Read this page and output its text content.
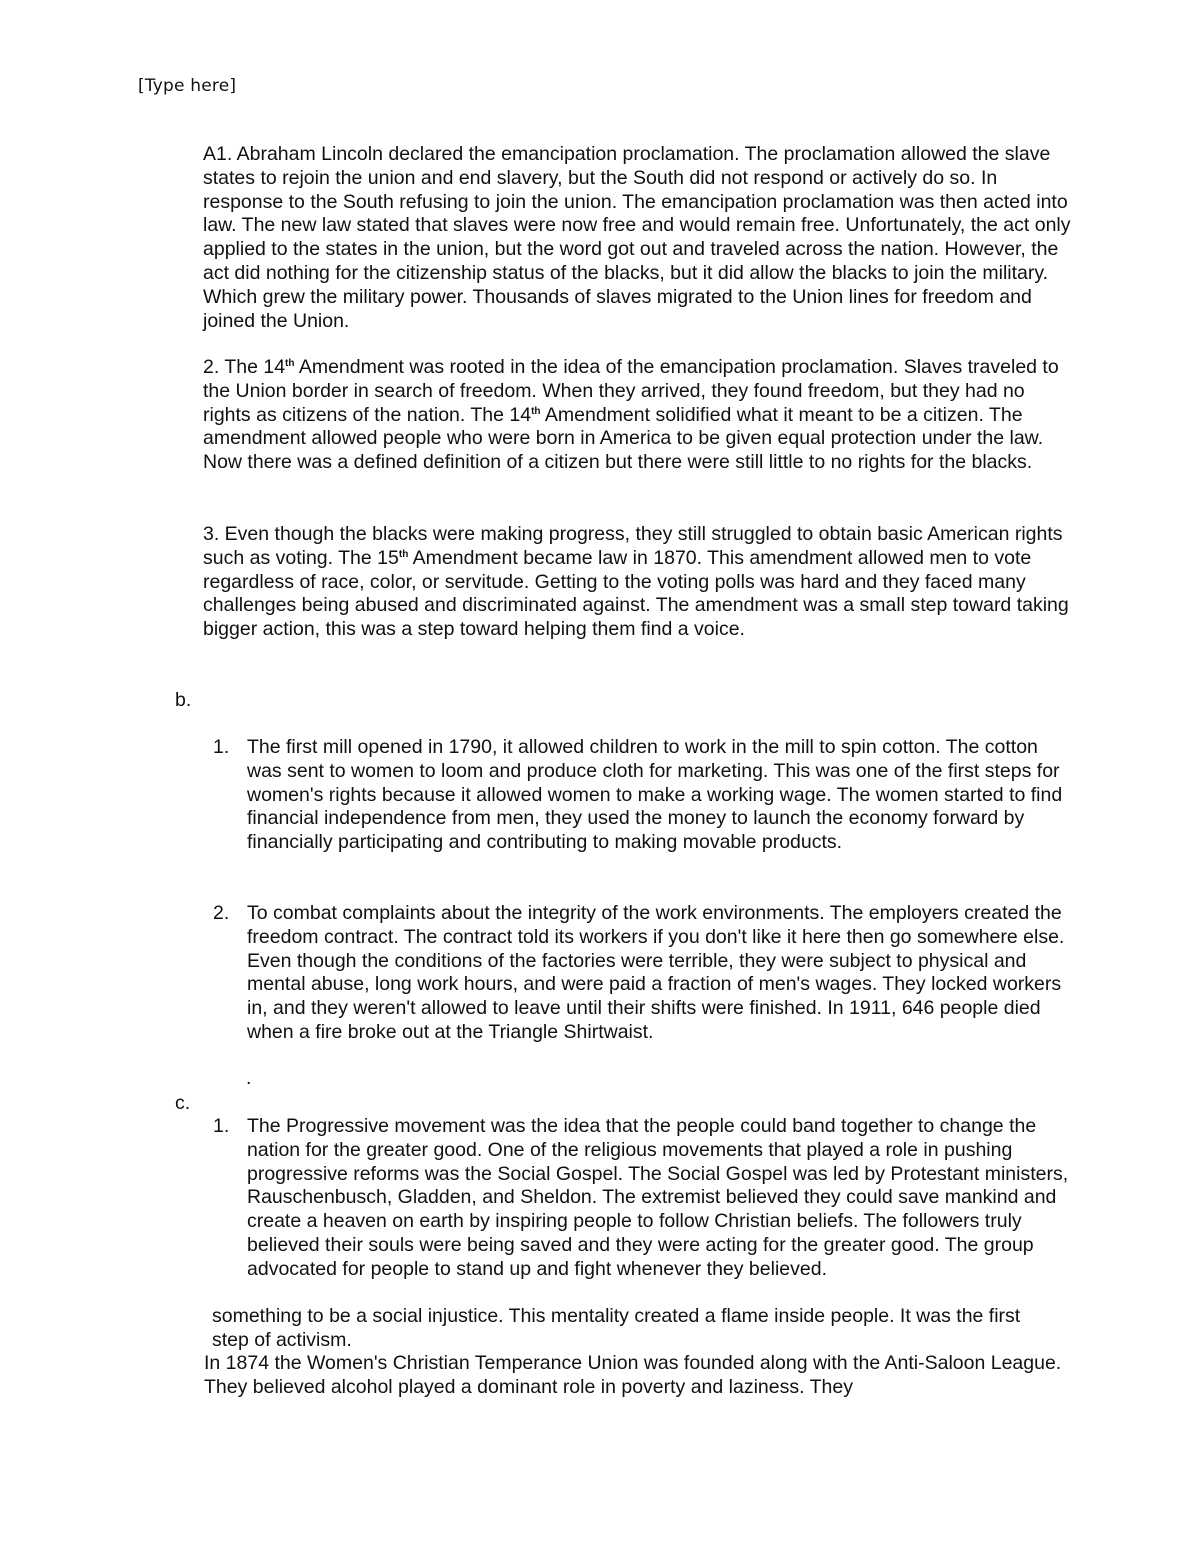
[Type here]

A1. Abraham Lincoln declared the emancipation proclamation. The proclamation allowed the slave states to rejoin the union and end slavery, but the South did not respond or actively do so. In response to the South refusing to join the union. The emancipation proclamation was then acted into law. The new law stated that slaves were now free and would remain free. Unfortunately, the act only applied to the states in the union, but the word got out and traveled across the nation. However, the act did nothing for the citizenship status of the blacks, but it did allow the blacks to join the military. Which grew the military power. Thousands of slaves migrated to the Union lines for freedom and joined the Union.

2. The 14th Amendment was rooted in the idea of the emancipation proclamation. Slaves traveled to the Union border in search of freedom. When they arrived, they found freedom, but they had no rights as citizens of the nation. The 14th Amendment solidified what it meant to be a citizen. The amendment allowed people who were born in America to be given equal protection under the law. Now there was a defined definition of a citizen but there were still little to no rights for the blacks.

3. Even though the blacks were making progress, they still struggled to obtain basic American rights such as voting. The 15th Amendment became law in 1870. This amendment allowed men to vote regardless of race, color, or servitude. Getting to the voting polls was hard and they faced many challenges being abused and discriminated against. The amendment was a small step toward taking bigger action, this was a step toward helping them find a voice.

b.
1. The first mill opened in 1790, it allowed children to work in the mill to spin cotton. The cotton was sent to women to loom and produce cloth for marketing. This was one of the first steps for women's rights because it allowed women to make a working wage. The women started to find financial independence from men, they used the money to launch the economy forward by financially participating and contributing to making movable products.
2. To combat complaints about the integrity of the work environments. The employers created the freedom contract. The contract told its workers if you don't like it here then go somewhere else. Even though the conditions of the factories were terrible, they were subject to physical and mental abuse, long work hours, and were paid a fraction of men's wages. They locked workers in, and they weren't allowed to leave until their shifts were finished. In 1911, 646 people died when a fire broke out at the Triangle Shirtwaist.
.
c.
1. The Progressive movement was the idea that the people could band together to change the nation for the greater good. One of the religious movements that played a role in pushing progressive reforms was the Social Gospel. The Social Gospel was led by Protestant ministers, Rauschenbusch, Gladden, and Sheldon. The extremist believed they could save mankind and create a heaven on earth by inspiring people to follow Christian beliefs. The followers truly believed their souls were being saved and they were acting for the greater good. The group advocated for people to stand up and fight whenever they believed.
something to be a social injustice. This mentality created a flame inside people. It was the first step of activism.
In 1874 the Women's Christian Temperance Union was founded along with the Anti-Saloon League. They believed alcohol played a dominant role in poverty and laziness. They
